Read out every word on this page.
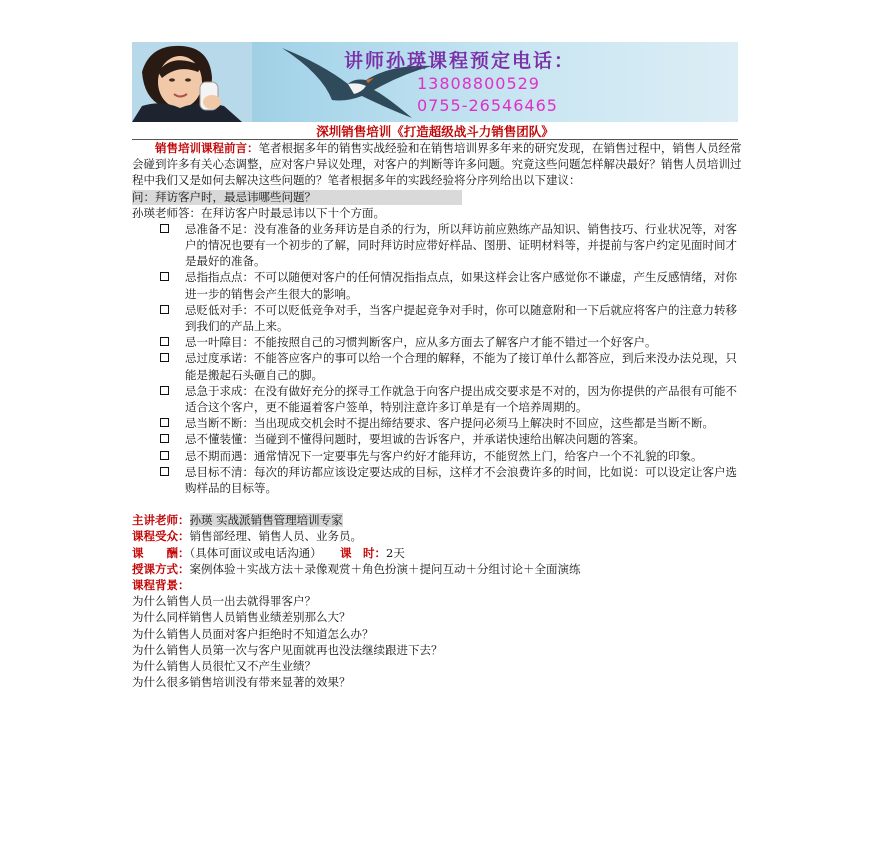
讲师孙瑛课程预定电话：
13808800529
0755-26546465
深圳销售培训《打造超级战斗力销售团队》

销售培训课程前言：笔者根据多年的销售实战经验和在销售培训界多年来的研究发现，在销售过程中，销售人员经常会碰到许多有关心态调整，应对客户异议处理，对客户的判断等许多问题。究竟这些问题怎样解决最好？销售人员培训过程中我们又是如何去解决这些问题的？笔者根据多年的实践经验将分序列给出以下建议：

问：拜访客户时，最忌讳哪些问题？

孙瑛老师答：在拜访客户时最忌讳以下十个方面。

忌准备不足：没有准备的业务拜访是自杀的行为，所以拜访前应熟练产品知识、销售技巧、行业状况等，对客户的情况也要有一个初步的了解，同时拜访时应带好样品、图册、证明材料等，并提前与客户约定见面时间才是最好的准备。
忌指指点点：不可以随便对客户的任何情况指指点点，如果这样会让客户感觉你不谦虚，产生反感情绪，对你进一步的销售会产生很大的影响。
忌贬低对手：不可以贬低竞争对手，当客户提起竞争对手时，你可以随意附和一下后就应将客户的注意力转移到我们的产品上来。
忌一叶障目：不能按照自己的习惯判断客户，应从多方面去了解客户才能不错过一个好客户。
忌过度承诺：不能答应客户的事可以给一个合理的解释，不能为了接订单什么都答应，到后来没办法兑现，只能是搬起石头砸自己的脚。
忌急于求成：在没有做好充分的探寻工作就急于向客户提出成交要求是不对的，因为你提供的产品很有可能不适合这个客户，更不能逼着客户签单，特别注意许多订单是有一个培养周期的。
忌当断不断：当出现成交机会时不提出缔结要求、客户提问必须马上解决时不回应，这些都是当断不断。
忌不懂装懂：当碰到不懂得问题时，要坦诚的告诉客户，并承诺快速给出解决问题的答案。
忌不期而遇：通常情况下一定要事先与客户约好才能拜访，不能贸然上门，给客户一个不礼貌的印象。
忌目标不清：每次的拜访都应该设定要达成的目标，这样才不会浪费许多的时间，比如说：可以设定让客户选购样品的目标等。
主讲老师：孙瑛 实战派销售管理培训专家
课程受众：销售部经理、销售人员、业务员。
课　　酬：（具体可面议或电话沟通） 课　时：2天
授课方式：案例体验＋实战方法＋录像观赏＋角色扮演＋提问互动＋分组讨论＋全面演练
课程背景：
为什么销售人员一出去就得罪客户？
为什么同样销售人员销售业绩差别那么大？
为什么销售人员面对客户拒绝时不知道怎么办？
为什么销售人员第一次与客户见面就再也没法继续跟进下去？
为什么销售人员很忙又不产生业绩？
为什么很多销售培训没有带来显著的效果？
